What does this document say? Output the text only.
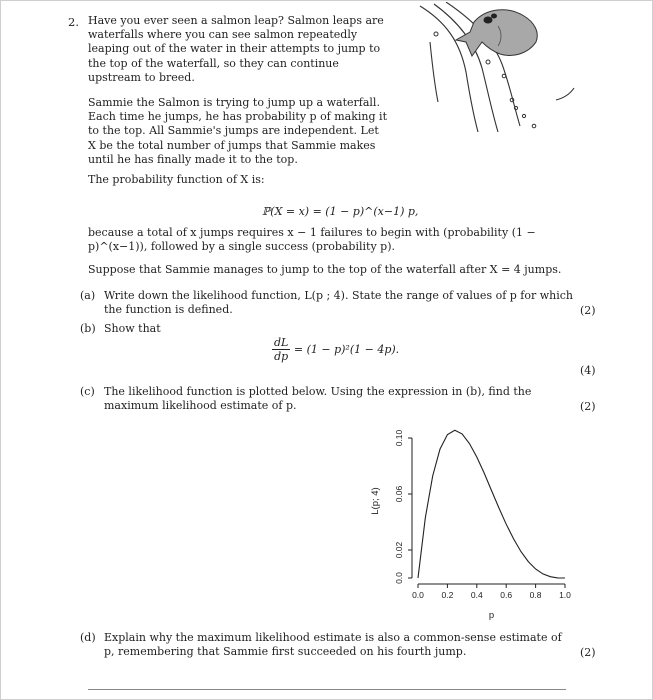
2. Have you ever seen a salmon leap? Salmon leaps are waterfalls where you can see salmon repeatedly leaping out of the water in their attempts to jump to the top of the waterfall, so they can continue upstream to breed.

Sammie the Salmon is trying to jump up a waterfall. Each time he jumps, he has probability p of making it to the top. All Sammie's jumps are independent. Let X be the total number of jumps that Sammie makes until he has finally made it to the top.

The probability function of X is:

ℙ(X = x) = (1 − p)^(x−1) p,
because a total of x jumps requires x − 1 failures to begin with (probability (1 − p)^(x−1)), followed by a single success (probability p).
Suppose that Sammie manages to jump to the top of the waterfall after X = 4 jumps.
(a) Write down the likelihood function, L(p ; 4). State the range of values of p for which the function is defined.	(2)
(b) Show that
$\frac{dL}{dp} = (1 - p)^2(1 - 4p)$.
(4)
(c) The likelihood function is plotted below. Using the expression in (b), find the maximum likelihood estimate of p.	(2)
0.0 0.2 0.4 0.6 0.8 1.0
0.0
0.02
0.06
0.10
L(p; 4)
p
(d) Explain why the maximum likelihood estimate is also a common-sense estimate of p, remembering that Sammie first succeeded on his fourth jump.	(2)
